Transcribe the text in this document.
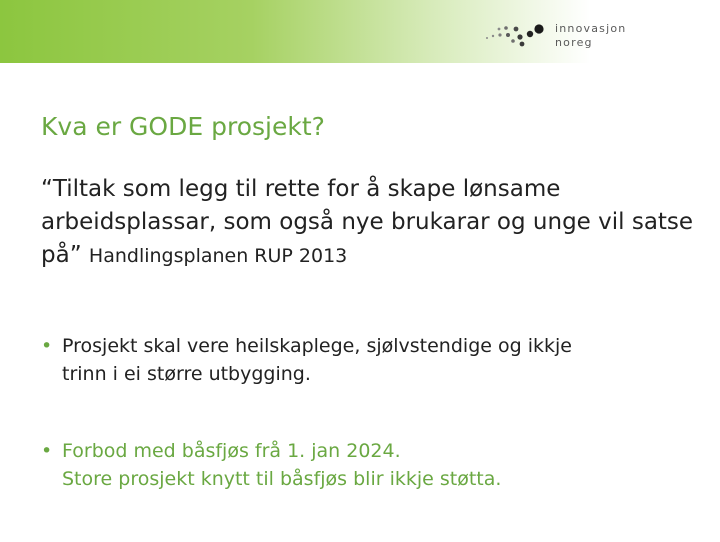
innovasjon
noreg
Kva er GODE prosjekt?

“Tiltak som legg til rette for å skape lønsame arbeidsplassar, som også nye brukarar og unge vil satse på” Handlingsplanen RUP 2013

• Prosjekt skal vere heilskaplege, sjølvstendige og ikkje
trinn i ei større utbygging.
• Forbod med båsfjøs frå 1. jan 2024.
Store prosjekt knytt til båsfjøs blir ikkje støtta.
